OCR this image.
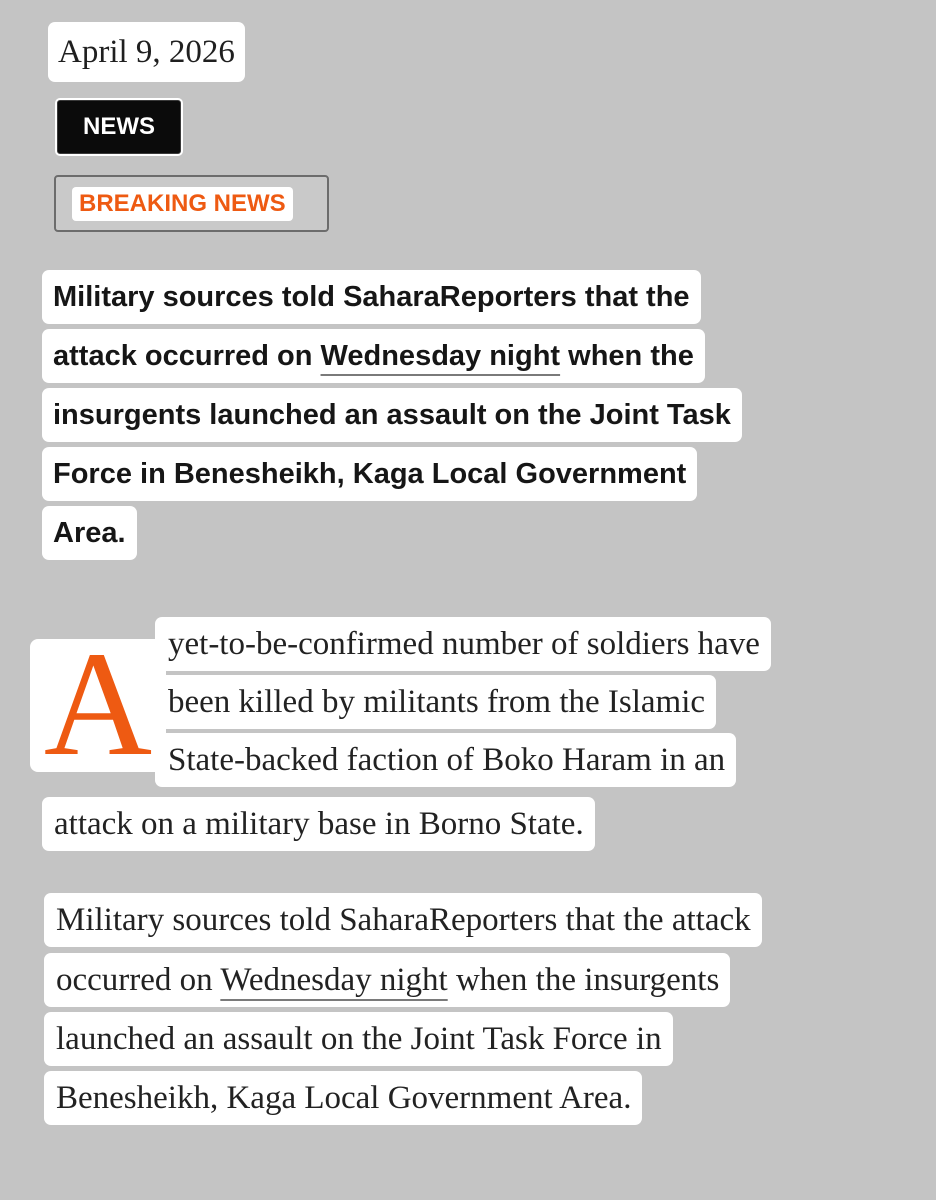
April 9, 2026
NEWS
BREAKING NEWS
Military sources told SaharaReporters that the
attack occurred on Wednesday night when the
insurgents launched an assault on the Joint Task
Force in Benesheikh, Kaga Local Government
Area.
A yet-to-be-confirmed number of soldiers have
been killed by militants from the Islamic
State-backed faction of Boko Haram in an
attack on a military base in Borno State.
Military sources told SaharaReporters that the attack
occurred on Wednesday night when the insurgents
launched an assault on the Joint Task Force in
Benesheikh, Kaga Local Government Area.
